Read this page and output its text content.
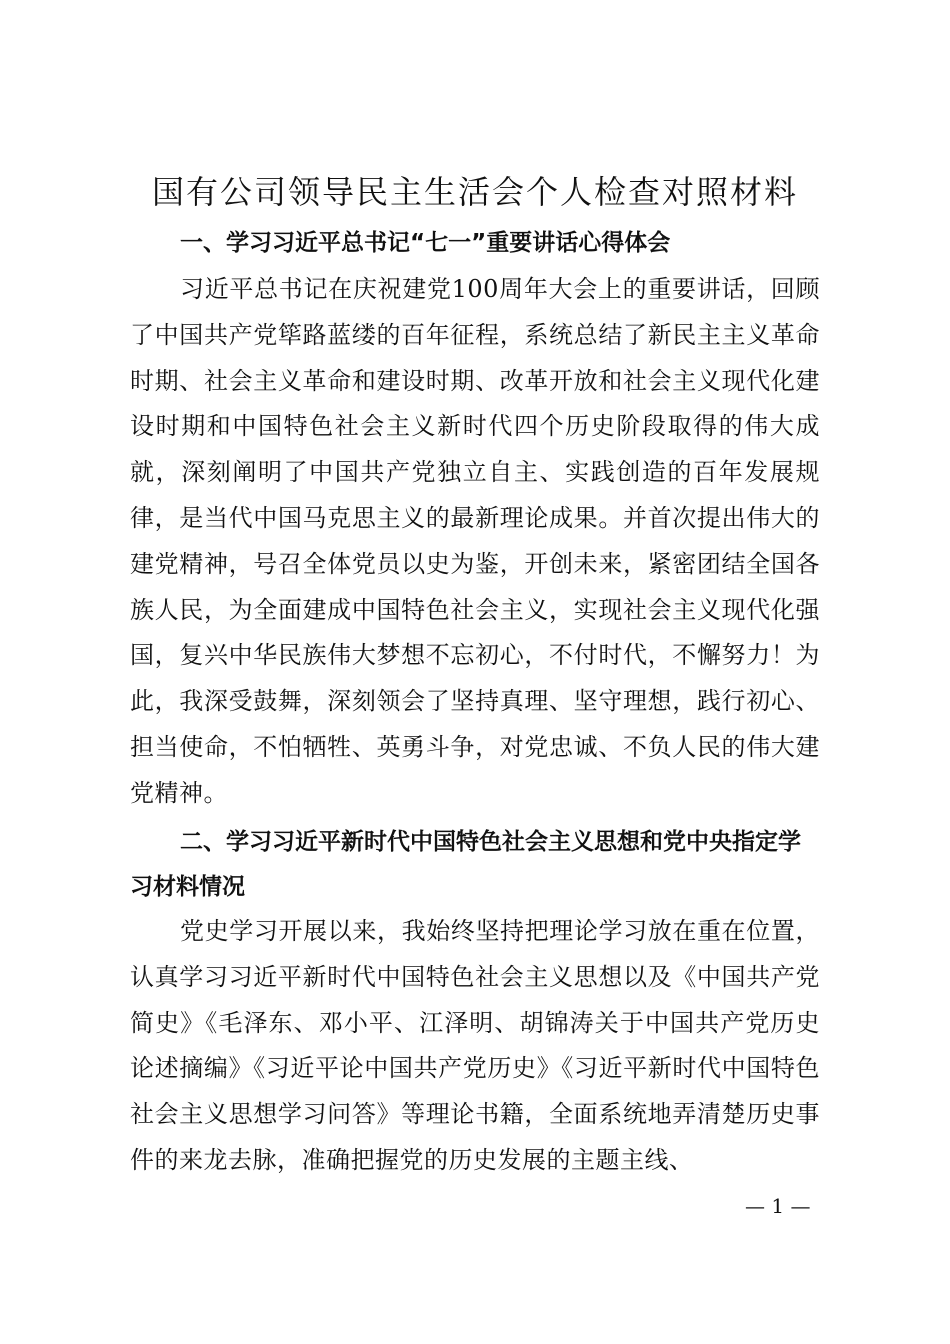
国有公司领导民主生活会个人检查对照材料
一、学习习近平总书记“七一”重要讲话心得体会
习近平总书记在庆祝建党100周年大会上的重要讲话，回顾了中国共产党筚路蓝缕的百年征程，系统总结了新民主主义革命时期、社会主义革命和建设时期、改革开放和社会主义现代化建设时期和中国特色社会主义新时代四个历史阶段取得的伟大成就，深刻阐明了中国共产党独立自主、实践创造的百年发展规律，是当代中国马克思主义的最新理论成果。并首次提出伟大的建党精神，号召全体党员以史为鉴，开创未来，紧密团结全国各族人民，为全面建成中国特色社会主义，实现社会主义现代化强国，复兴中华民族伟大梦想不忘初心，不付时代，不懈努力！为此，我深受鼓舞，深刻领会了坚持真理、坚守理想，践行初心、担当使命，不怕牺牲、英勇斗争，对党忠诚、不负人民的伟大建党精神。
二、学习习近平新时代中国特色社会主义思想和党中央指定学习材料情况
党史学习开展以来，我始终坚持把理论学习放在重在位置，认真学习习近平新时代中国特色社会主义思想以及《中国共产党简史》《毛泽东、邓小平、江泽明、胡锦涛关于中国共产党历史论述摘编》《习近平论中国共产党历史》《习近平新时代中国特色社会主义思想学习问答》等理论书籍，全面系统地弄清楚历史事件的来龙去脉，准确把握党的历史发展的主题主线、
— 1 —
